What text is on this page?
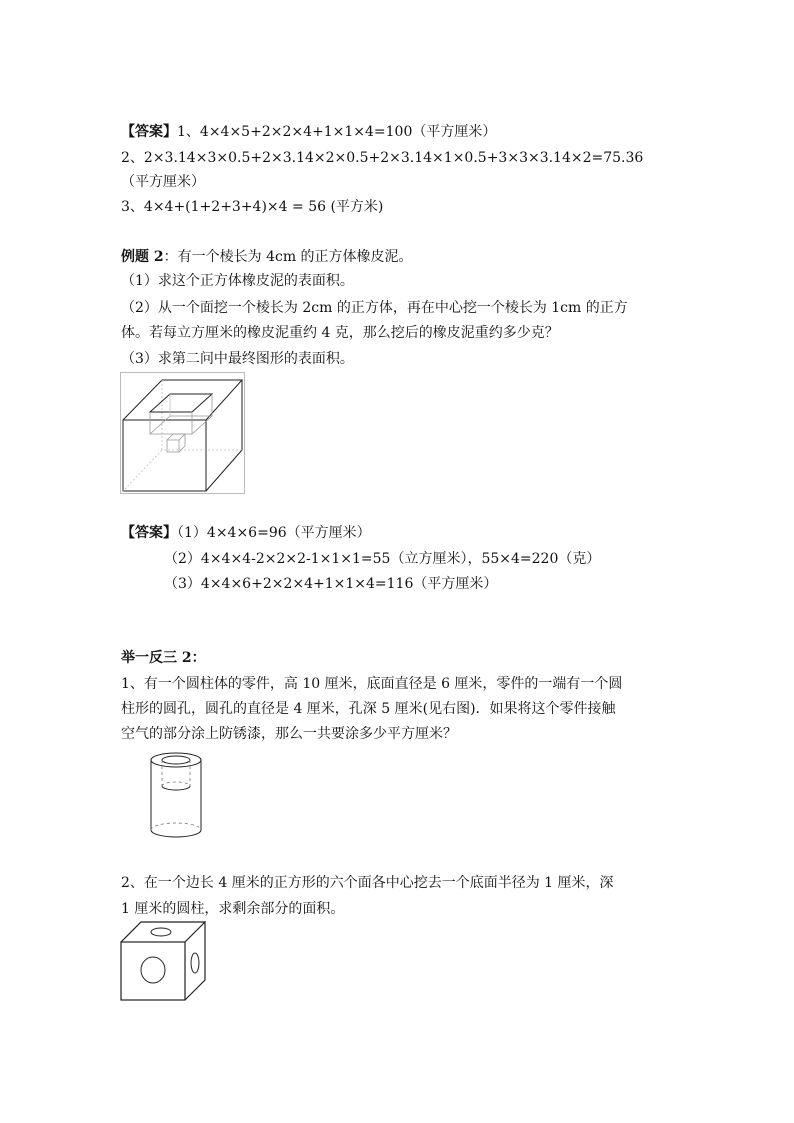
【答案】1、4×4×5+2×2×4+1×1×4=100（平方厘米）
2、2×3.14×3×0.5+2×3.14×2×0.5+2×3.14×1×0.5+3×3×3.14×2=75.36
（平方厘米）
3、4×4+(1+2+3+4)×4 = 56 (平方米)
例题 2：有一个棱长为 4cm 的正方体橡皮泥。
（1）求这个正方体橡皮泥的表面积。
（2）从一个面挖一个棱长为 2cm 的正方体，再在中心挖一个棱长为 1cm 的正方
体。若每立方厘米的橡皮泥重约 4 克，那么挖后的橡皮泥重约多少克？
（3）求第二问中最终图形的表面积。
【答案】（1）4×4×6=96（平方厘米）
（2）4×4×4-2×2×2-1×1×1=55（立方厘米），55×4=220（克）
（3）4×4×6+2×2×4+1×1×4=116（平方厘米）
举一反三 2：
1、有一个圆柱体的零件，高 10 厘米，底面直径是 6 厘米，零件的一端有一个圆
柱形的圆孔，圆孔的直径是 4 厘米，孔深 5 厘米(见右图)．如果将这个零件接触
空气的部分涂上防锈漆，那么一共要涂多少平方厘米？
2、在一个边长 4 厘米的正方形的六个面各中心挖去一个底面半径为 1 厘米，深
1 厘米的圆柱，求剩余部分的面积。
